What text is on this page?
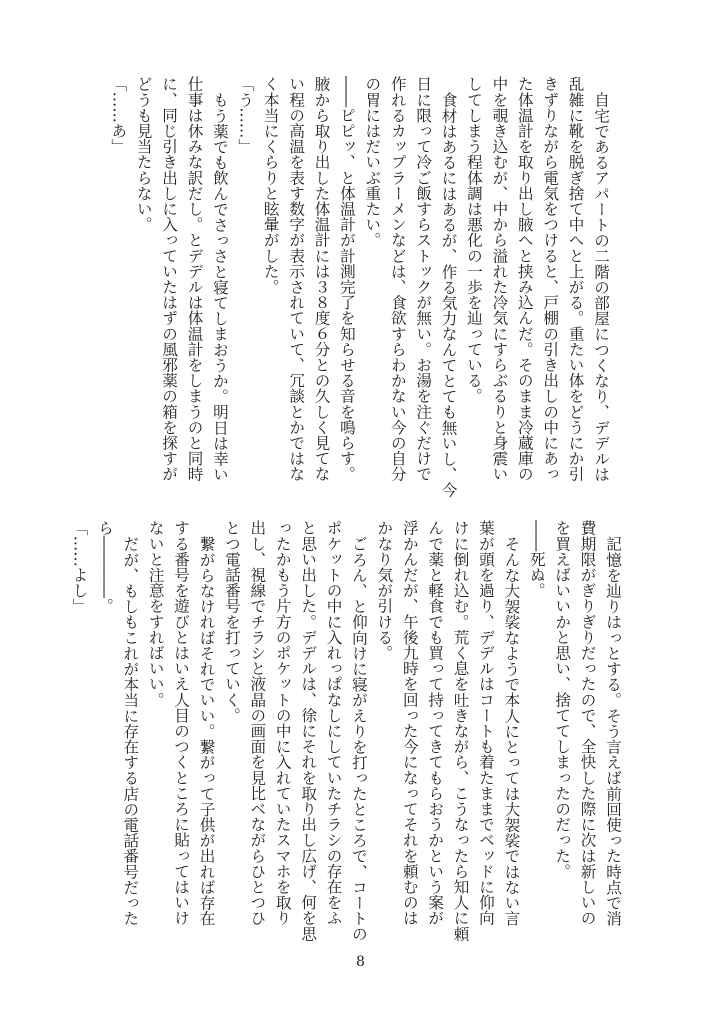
自宅であるアパートの二階の部屋につくなり、デデルは
乱雑に靴を脱ぎ捨て中へと上がる。重たい体をどうにか引
きずりながら電気をつけると、戸棚の引き出しの中にあっ
た体温計を取り出し腋へと挟み込んだ。そのまま冷蔵庫の
中を覗き込むが、中から溢れた冷気にすらぶるりと身震い
してしまう程体調は悪化の一歩を辿っている。
食材はあるにはあるが、作る気力なんてとても無いし、今
日に限って冷ご飯すらストックが無い。お湯を注ぐだけで
作れるカップラーメンなどは、食欲すらわかない今の自分
の胃にはだいぶ重たい。
――ピピッ、と体温計が計測完了を知らせる音を鳴らす。
腋から取り出した体温計には３８度６分との久しく見てな
い程の高温を表す数字が表示されていて、冗談とかではな
く本当にくらりと眩暈がした。
「う……」
もう薬でも飲んでさっさと寝てしまおうか。明日は幸い
仕事は休みな訳だし。とデデルは体温計をしまうのと同時
に、同じ引き出しに入っていたはずの風邪薬の箱を探すが
どうも見当たらない。
「……あ」
記憶を辿りはっとする。そう言えば前回使った時点で消
費期限がぎりぎりだったので、全快した際に次は新しいの
を買えばいいかと思い、捨ててしまったのだった。
――死ぬ。
そんな大袈裟なようで本人にとっては大袈裟ではない言
葉が頭を過り、デデルはコートも着たままでベッドに仰向
けに倒れ込む。荒く息を吐きながら、こうなったら知人に頼
んで薬と軽食でも買って持ってきてもらおうかという案が
浮かんだが、午後九時を回った今になってそれを頼むのは
かなり気が引ける。
ごろん、と仰向けに寝がえりを打ったところで、コートの
ポケットの中に入れっぱなしにしていたチラシの存在をふ
と思い出した。デデルは、徐にそれを取り出し広げ、何を思
ったかもう片方のポケットの中に入れていたスマホを取り
出し、視線でチラシと液晶の画面を見比べながらひとつひ
とつ電話番号を打っていく。
繋がらなければそれでいい。繋がって子供が出れば存在
する番号を遊びとはいえ人目のつくところに貼ってはいけ
ないと注意をすればいい。
だが、もしもこれが本当に存在する店の電話番号だった
ら――――。
「……よし」
8
